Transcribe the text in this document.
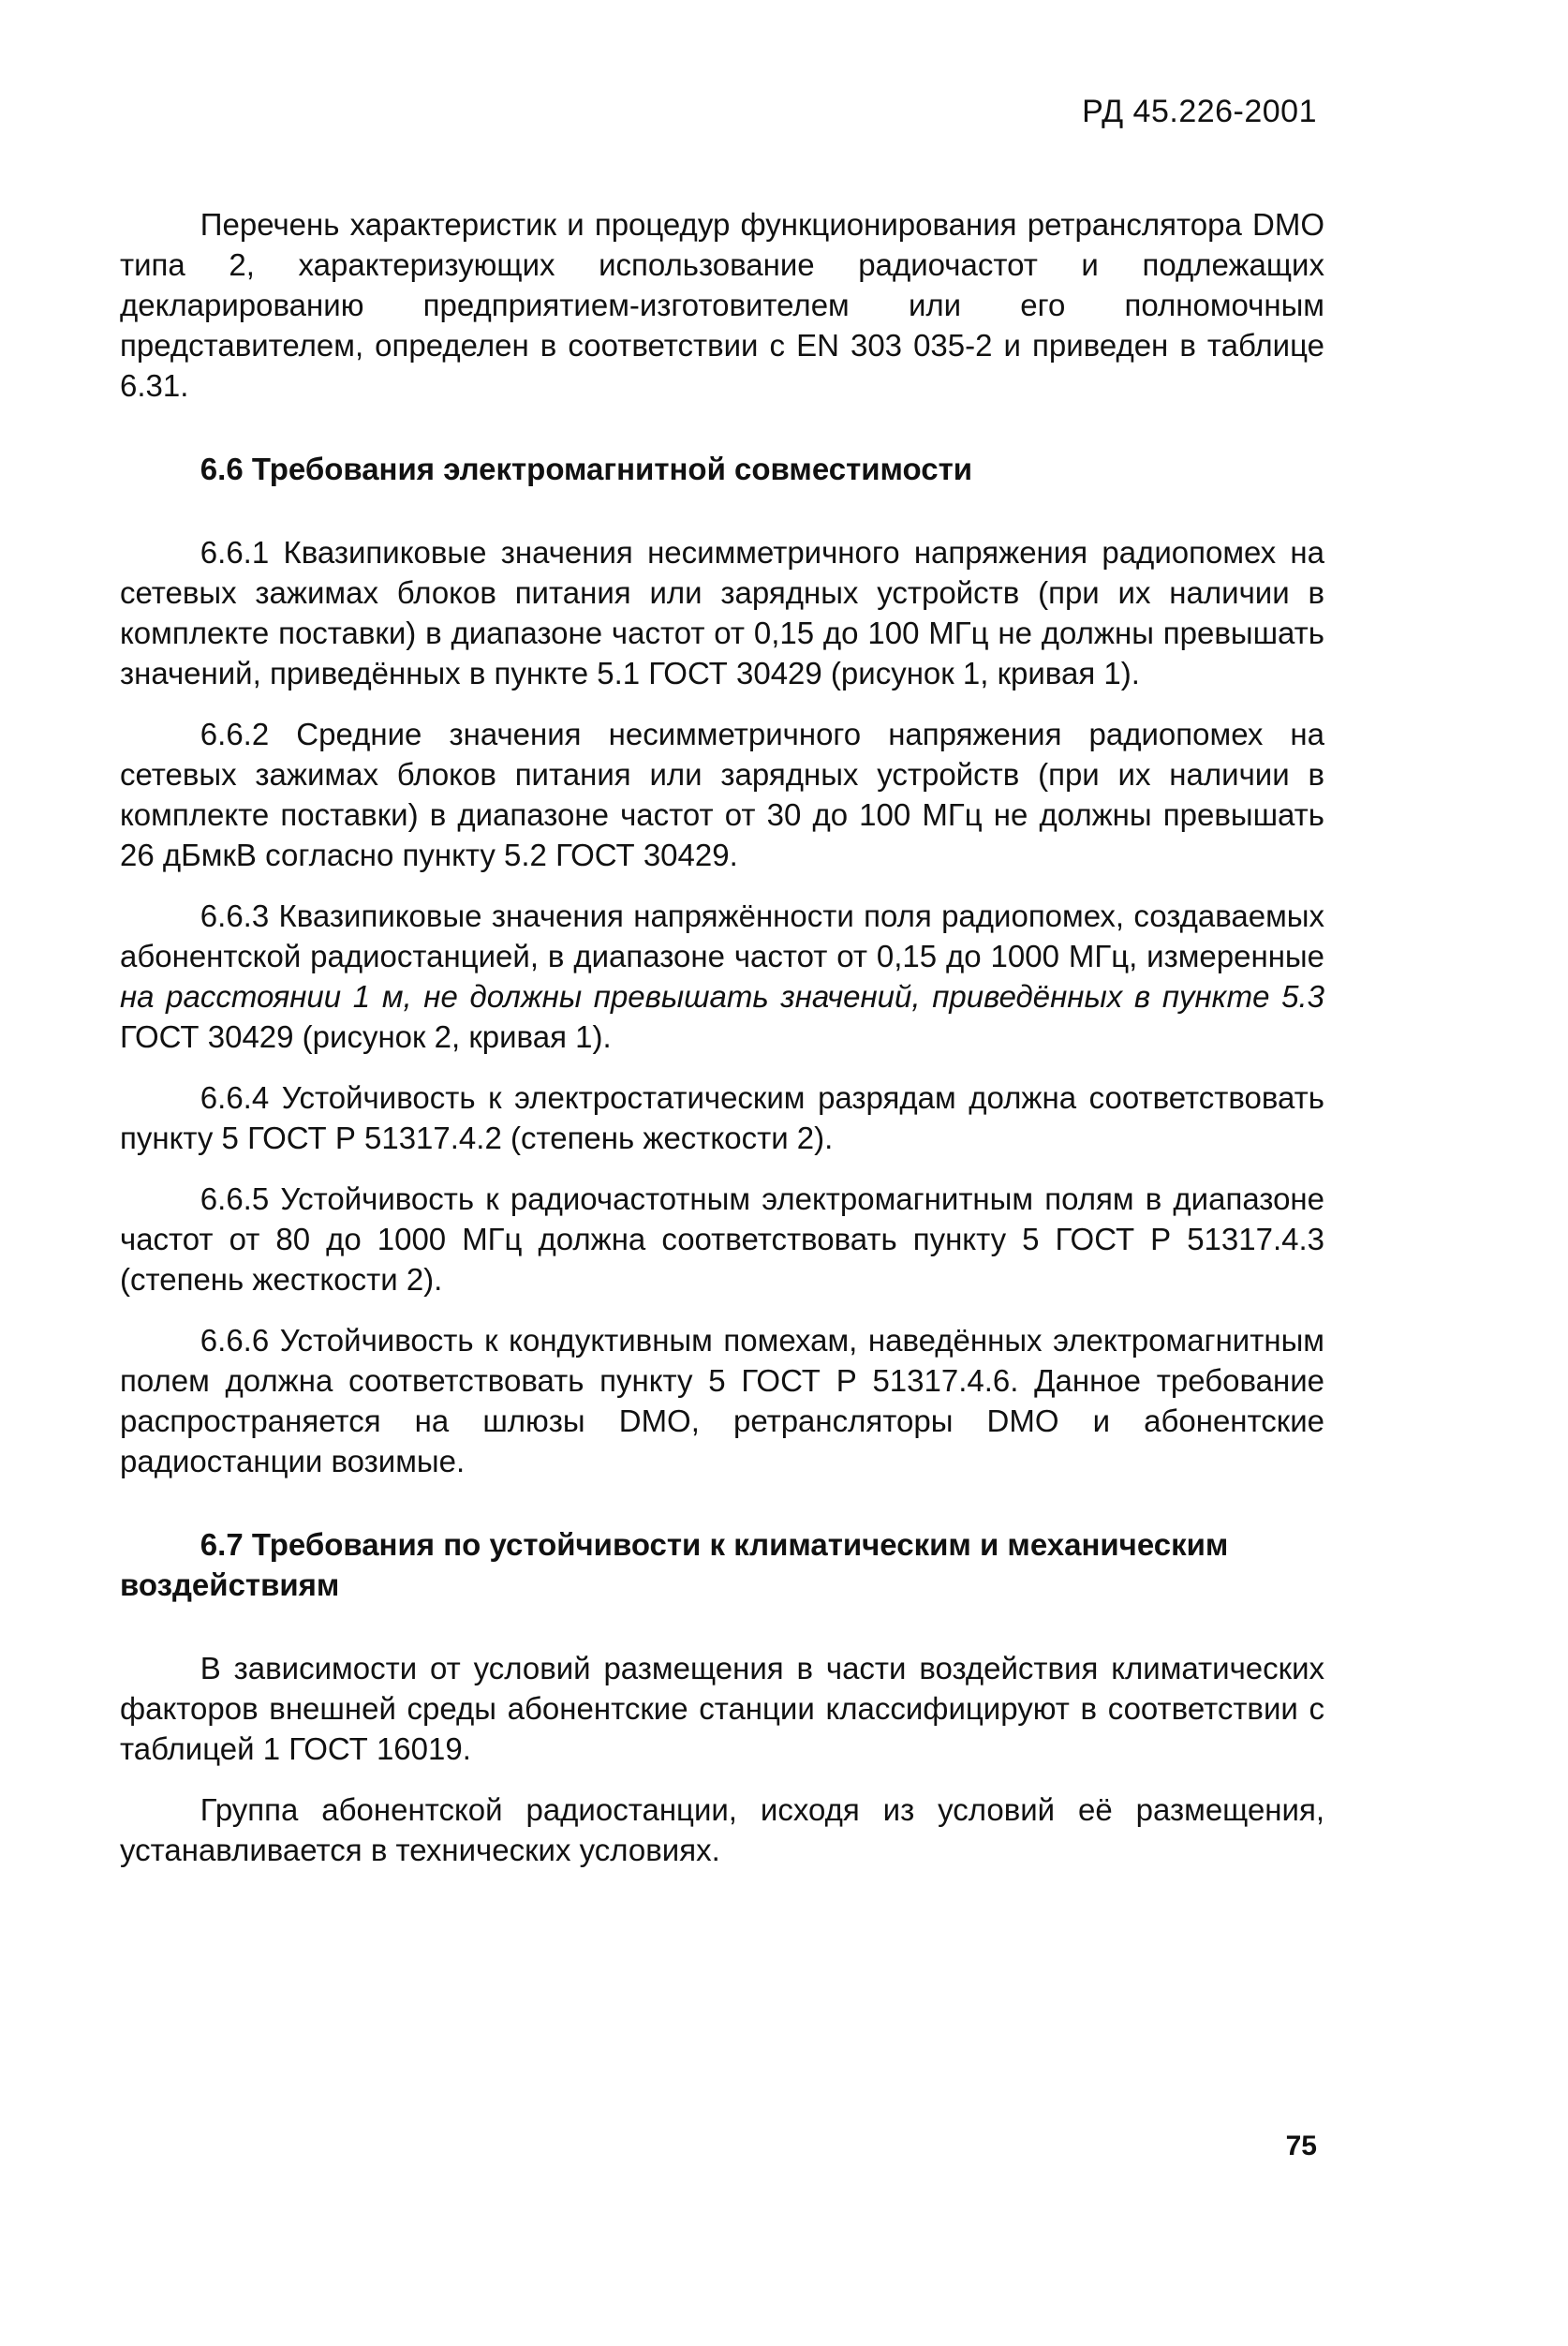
РД 45.226-2001

Перечень характеристик и процедур функционирования ретранслятора DMO типа 2, характеризующих использование радиочастот и подлежащих декларированию предприятием-изготовителем или его полномочным представителем, определен в соответствии с EN 303 035-2 и приведен в таблице 6.31.

6.6 Требования электромагнитной совместимости

6.6.1 Квазипиковые значения несимметричного напряжения радиопомех на сетевых зажимах блоков питания или зарядных устройств (при их наличии в комплекте поставки) в диапазоне частот от 0,15 до 100 МГц не должны превышать значений, приведённых в пункте 5.1 ГОСТ 30429 (рисунок 1, кривая 1).

6.6.2 Средние значения несимметричного напряжения радиопомех на сетевых зажимах блоков питания или зарядных устройств (при их наличии в комплекте поставки) в диапазоне частот от 30 до 100 МГц не должны превышать 26 дБмкВ согласно пункту 5.2 ГОСТ 30429.

6.6.3 Квазипиковые значения напряжённости поля радиопомех, создаваемых абонентской радиостанцией, в диапазоне частот от 0,15 до 1000 МГц, измеренные на расстоянии 1 м, не должны превышать значений, приведённых в пункте 5.3 ГОСТ 30429 (рисунок 2, кривая 1).

6.6.4 Устойчивость к электростатическим разрядам должна соответствовать пункту 5 ГОСТ Р 51317.4.2 (степень жесткости 2).

6.6.5 Устойчивость к радиочастотным электромагнитным полям в диапазоне частот от 80 до 1000 МГц должна соответствовать пункту 5 ГОСТ Р 51317.4.3 (степень жесткости 2).

6.6.6 Устойчивость к кондуктивным помехам, наведённых электромагнитным полем должна соответствовать пункту 5 ГОСТ Р 51317.4.6. Данное требование распространяется на шлюзы DMO, ретрансляторы DMO и абонентские радиостанции возимые.

6.7 Требования по устойчивости к климатическим и механическим воздействиям

В зависимости от условий размещения в части воздействия климатических факторов внешней среды абонентские станции классифицируют в соответствии с таблицей 1 ГОСТ 16019.

Группа абонентской радиостанции, исходя из условий её размещения, устанавливается в технических условиях.

75
